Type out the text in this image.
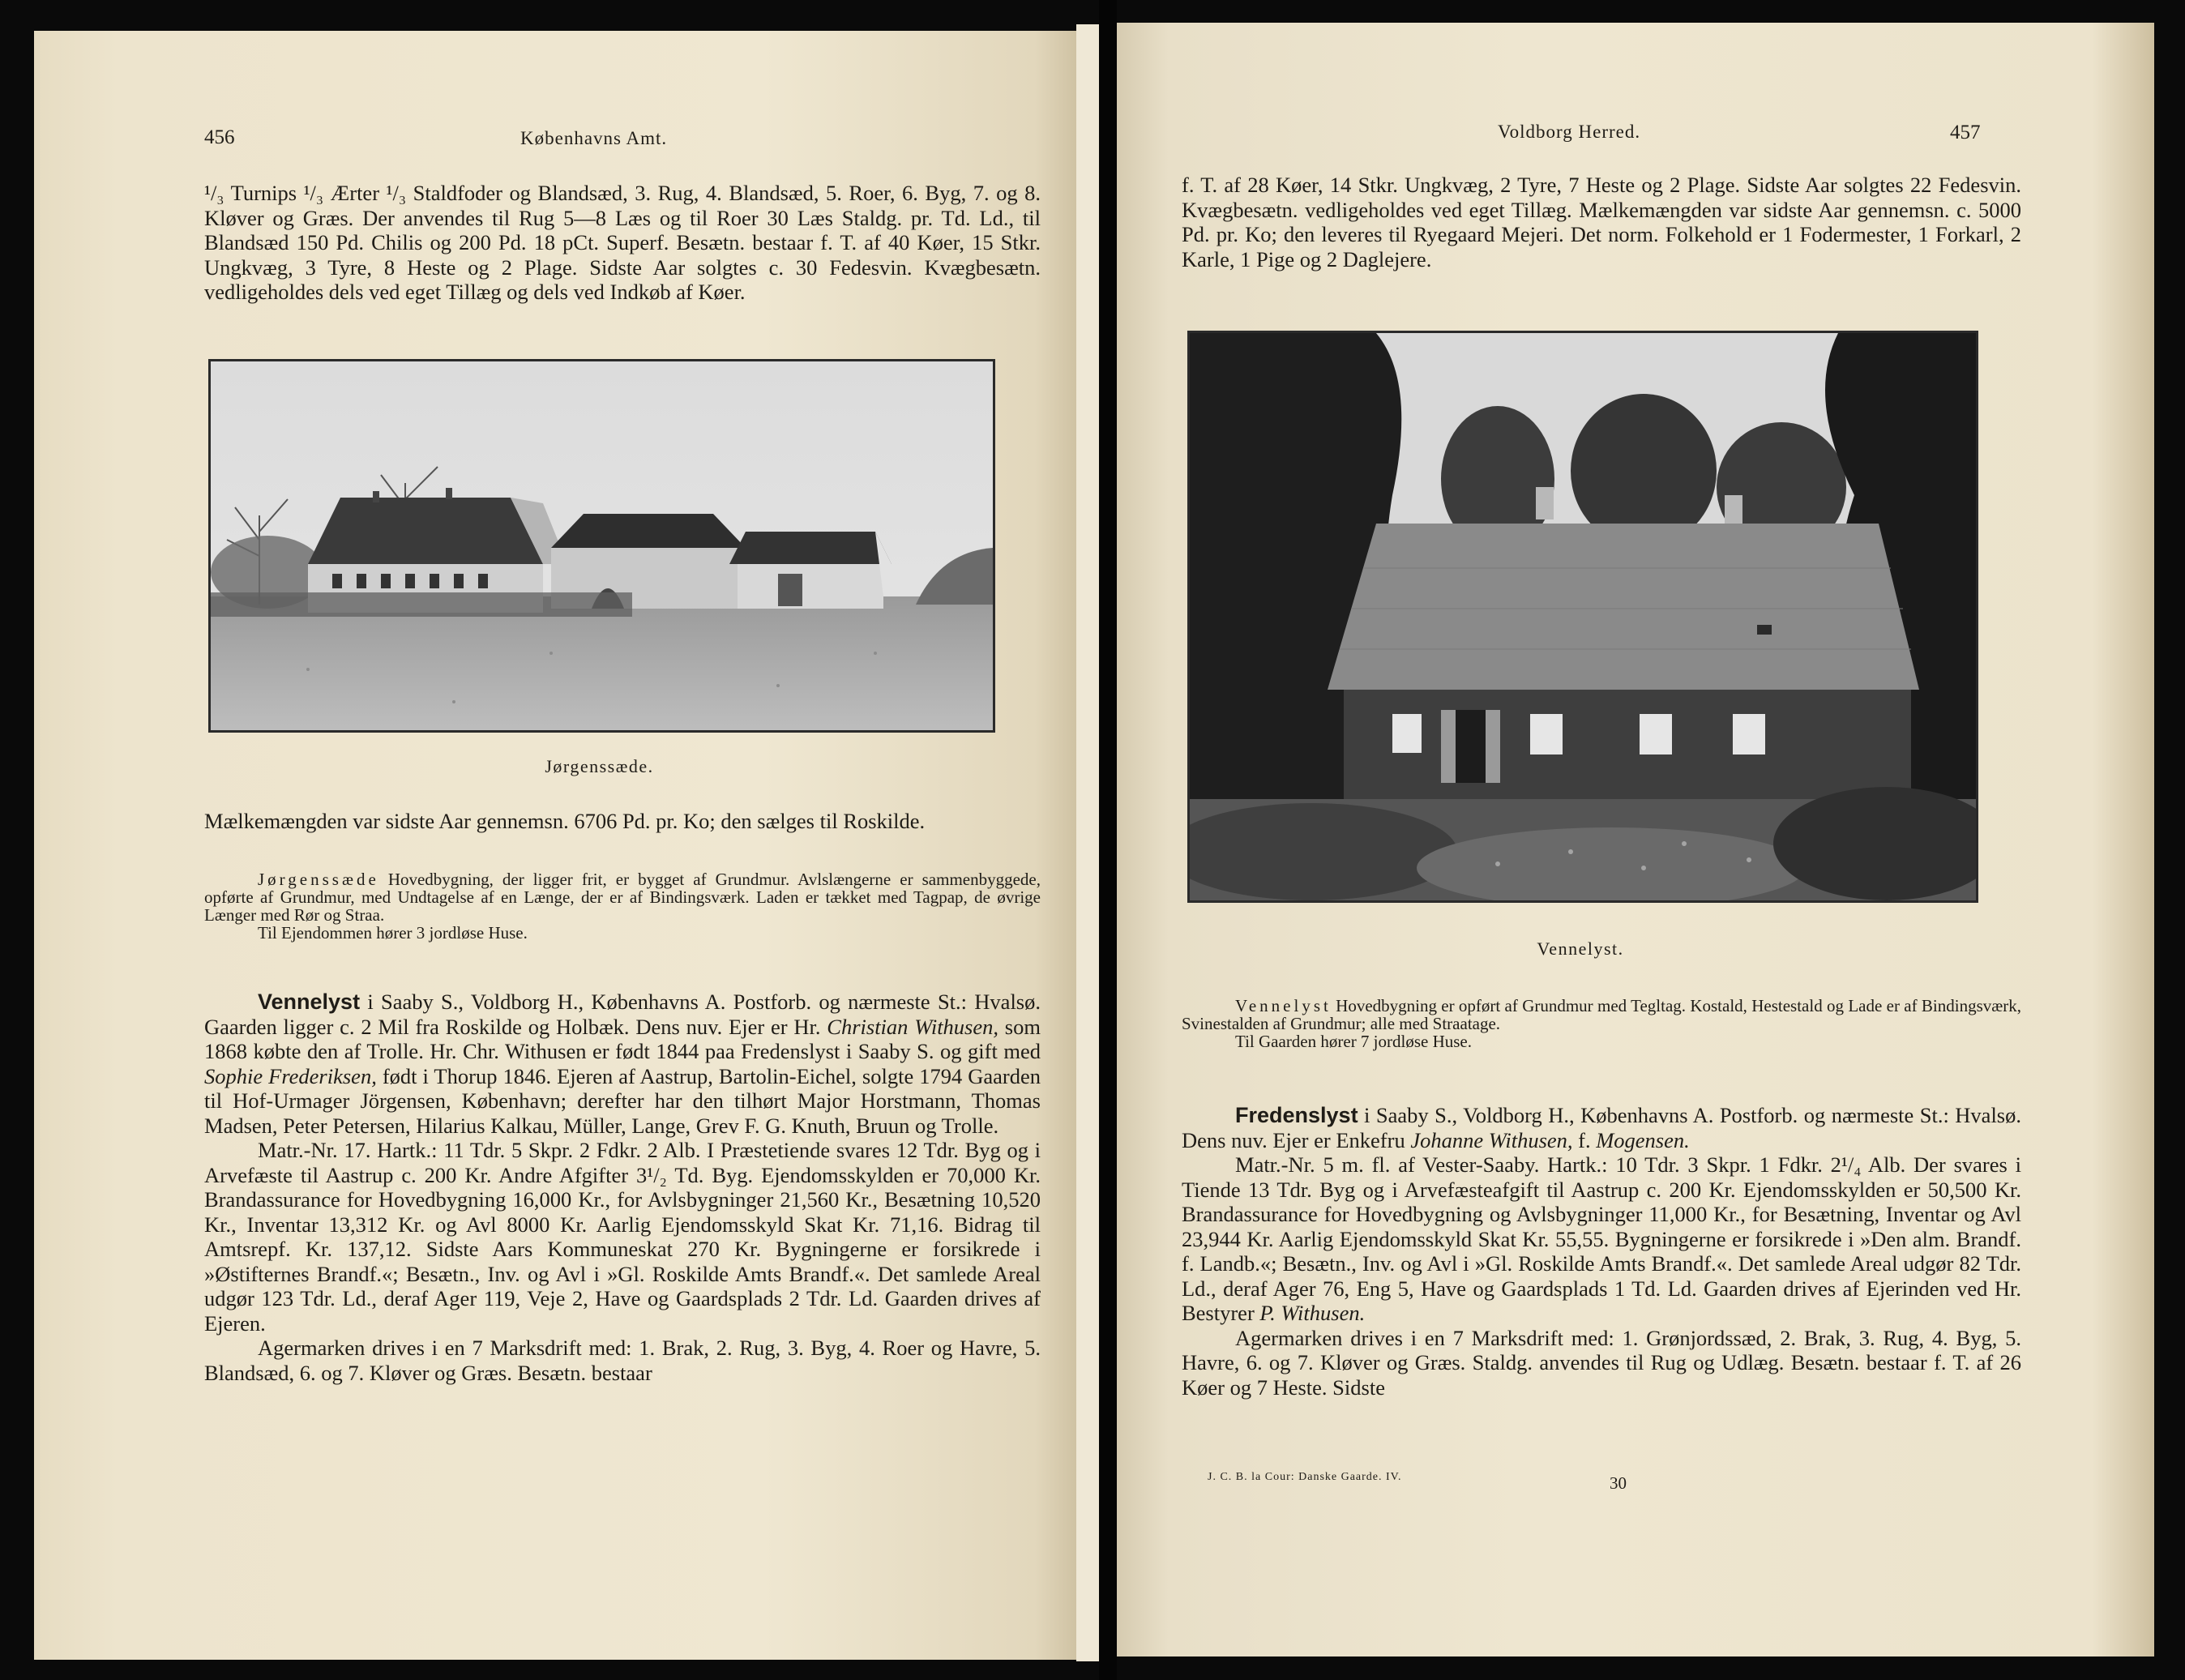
456	Københavns Amt.

¹/₃ Turnips ¹/₃ Ærter ¹/₃ Staldfoder og Blandsæd, 3. Rug, 4. Blandsæd, 5. Roer, 6. Byg, 7. og 8. Kløver og Græs. Der anvendes til Rug 5—8 Læs og til Roer 30 Læs Staldg. pr. Td. Ld., til Blandsæd 150 Pd. Chilis og 200 Pd. 18 pCt. Superf. Besætn. bestaar f. T. af 40 Køer, 15 Stkr. Ungkvæg, 3 Tyre, 8 Heste og 2 Plage. Sidste Aar solgtes c. 30 Fedesvin. Kvægbesætn. vedligeholdes dels ved eget Tillæg og dels ved Indkøb af Køer.

Jørgenssæde.

Mælkemængden var sidste Aar gennemsn. 6706 Pd. pr. Ko; den sælges til Roskilde.

Jørgenssæde Hovedbygning, der ligger frit, er bygget af Grundmur. Avlslængerne er sammenbyggede, opførte af Grundmur, med Undtagelse af en Længe, der er af Bindingsværk. Laden er tækket med Tagpap, de øvrige Længer med Rør og Straa.

Til Ejendommen hører 3 jordløse Huse.

Vennelyst i Saaby S., Voldborg H., Københavns A. Postforb. og nærmeste St.: Hvalsø. Gaarden ligger c. 2 Mil fra Roskilde og Holbæk. Dens nuv. Ejer er Hr. Christian Withusen, som 1868 købte den af Trolle. Hr. Chr. Withusen er født 1844 paa Fredenslyst i Saaby S. og gift med Sophie Frederiksen, født i Thorup 1846. Ejeren af Aastrup, Bartolin-Eichel, solgte 1794 Gaarden til Hof-Urmager Jörgensen, København; derefter har den tilhørt Major Horstmann, Thomas Madsen, Peter Petersen, Hilarius Kalkau, Müller, Lange, Grev F. G. Knuth, Bruun og Trolle.

Matr.-Nr. 17. Hartk.: 11 Tdr. 5 Skpr. 2 Fdkr. 2 Alb. I Præstetiende svares 12 Tdr. Byg og i Arvefæste til Aastrup c. 200 Kr. Andre Afgifter 3¹/₂ Td. Byg. Ejendomsskylden er 70,000 Kr. Brandassurance for Hovedbygning 16,000 Kr., for Avlsbygninger 21,560 Kr., Besætning 10,520 Kr., Inventar 13,312 Kr. og Avl 8000 Kr. Aarlig Ejendomsskyld Skat Kr. 71,16. Bidrag til Amtsrepf. Kr. 137,12. Sidste Aars Kommuneskat 270 Kr. Bygningerne er forsikrede i »Østifternes Brandf.«; Besætn., Inv. og Avl i »Gl. Roskilde Amts Brandf.«. Det samlede Areal udgør 123 Tdr. Ld., deraf Ager 119, Veje 2, Have og Gaardsplads 2 Tdr. Ld. Gaarden drives af Ejeren.

Agermarken drives i en 7 Marksdrift med: 1. Brak, 2. Rug, 3. Byg, 4. Roer og Havre, 5. Blandsæd, 6. og 7. Kløver og Græs. Besætn. bestaar

Voldborg Herred.	457

f. T. af 28 Køer, 14 Stkr. Ungkvæg, 2 Tyre, 7 Heste og 2 Plage. Sidste Aar solgtes 22 Fedesvin. Kvægbesætn. vedligeholdes ved eget Tillæg. Mælkemængden var sidste Aar gennemsn. c. 5000 Pd. pr. Ko; den leveres til Ryegaard Mejeri. Det norm. Folkehold er 1 Fodermester, 1 Forkarl, 2 Karle, 1 Pige og 2 Daglejere.

Vennelyst.

Vennelyst Hovedbygning er opført af Grundmur med Tegltag. Kostald, Hestestald og Lade er af Bindingsværk, Svinestalden af Grundmur; alle med Straatage.

Til Gaarden hører 7 jordløse Huse.

Fredenslyst i Saaby S., Voldborg H., Københavns A. Postforb. og nærmeste St.: Hvalsø. Dens nuv. Ejer er Enkefru Johanne Withusen, f. Mogensen.

Matr.-Nr. 5 m. fl. af Vester-Saaby. Hartk.: 10 Tdr. 3 Skpr. 1 Fdkr. 2¹/₄ Alb. Der svares i Tiende 13 Tdr. Byg og i Arvefæsteafgift til Aastrup c. 200 Kr. Ejendomsskylden er 50,500 Kr. Brandassurance for Hovedbygning og Avlsbygninger 11,000 Kr., for Besætning, Inventar og Avl 23,944 Kr. Aarlig Ejendomsskyld Skat Kr. 55,55. Bygningerne er forsikrede i »Den alm. Brandf. f. Landb.«; Besætn., Inv. og Avl i »Gl. Roskilde Amts Brandf.«. Det samlede Areal udgør 82 Tdr. Ld., deraf Ager 76, Eng 5, Have og Gaardsplads 1 Td. Ld. Gaarden drives af Ejerinden ved Hr. Bestyrer P. Withusen.

Agermarken drives i en 7 Marksdrift med: 1. Grønjordssæd, 2. Brak, 3. Rug, 4. Byg, 5. Havre, 6. og 7. Kløver og Græs. Staldg. anvendes til Rug og Udlæg. Besætn. bestaar f. T. af 26 Køer og 7 Heste. Sidste

J. C. B. la Cour: Danske Gaarde. IV.	30
